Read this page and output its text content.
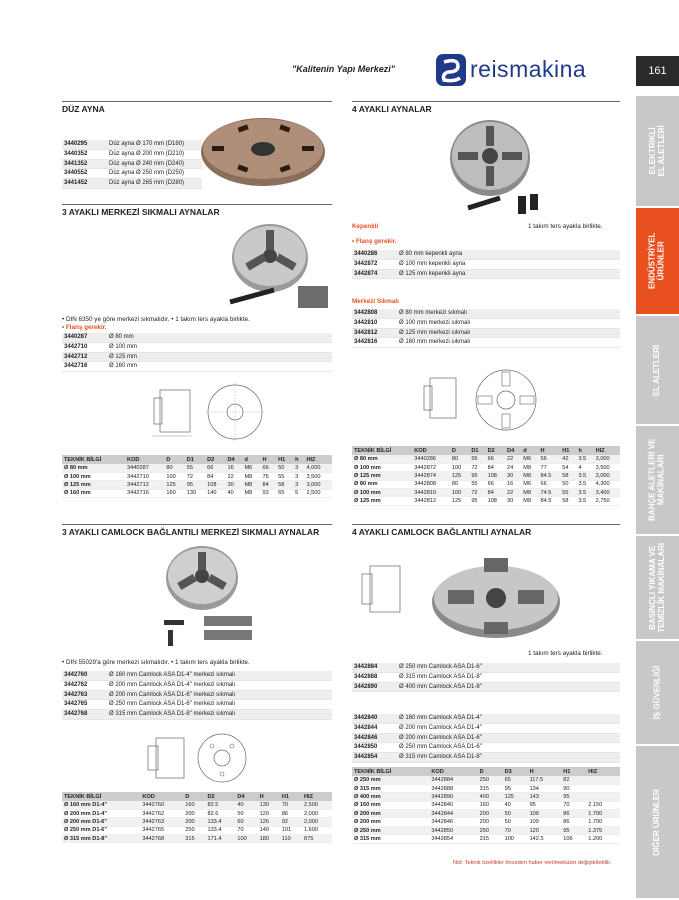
"Kalitenin Yapı Merkezi"	reismakina	161
ELEKTRİKLİ
EL ALETLERİ
ENDÜSTRİYEL
ÜRÜNLER
EL ALETLERİ
BAHÇE ALETLERİ VE
MAKİNALARI
BASINÇLI YIKAMA VE
TEMİZLİK MAKİNALARI
İŞ GÜVENLİĞİ
DİĞER ÜRÜNLER
DÜZ AYNA
3440295	Düz ayna Ø 170 mm (D180)
3440352	Düz ayna Ø 200 mm (D210)
3441352	Düz ayna Ø 240 mm (D240)
3440552	Düz ayna Ø 250 mm (D250)
3441452	Düz ayna Ø 265 mm (D280)
3 AYAKLI MERKEZİ SIKMALI AYNALAR
• DIN 6350 ye göre merkezi sıkmalıdır. • 1 takım ters ayakla birlikte.
• Flanş gerekir.
3440287	Ø 80 mm
3442710	Ø 100 mm
3442712	Ø 125 mm
3442716	Ø 160 mm
TEKNİK BİLGİ	KOD	D	D1	D2	D4	d	H	H1	h	HIZ
Ø 80 mm	3440287	80	55	66	16	M6	66	50	3	4,000
Ø 100 mm	3442710	100	72	84	22	M8	75	55	3	3,500
Ø 125 mm	3442712	125	95	108	30	M8	84	58	3	3,000
Ø 160 mm	3442716	160	130	140	40	M8	93	65	5	2,500
3 AYAKLI CAMLOCK BAĞLANTILI MERKEZİ SIKMALI AYNALAR
• DIN 55029'a göre merkezi sıkmalıdır. • 1 takım ters ayakla birlikte.
3442760	Ø 160 mm Camlock ASA D1-4" merkezi sıkmalı
3442762	Ø 200 mm Camlock ASA D1-4" merkezi sıkmalı
3442763	Ø 200 mm Camlock ASA D1-6" merkezi sıkmalı
3442765	Ø 250 mm Camlock ASA D1-6" merkezi sıkmalı
3442768	Ø 315 mm Camlock ASA D1-8" merkezi sıkmalı
TEKNİK BİLGİ	KOD	D	D2	D4	H	H1	HIZ
Ø 160 mm D1-4"	3442760	160	82.5	40	130	70	2,500
Ø 200 mm D1-4"	3442762	200	82.6	50	120	86	2,000
Ø 200 mm D1-6"	3442763	200	133.4	60	126	92	2,000
Ø 250 mm D1-6"	3442765	250	133.4	70	140	101	1,600
Ø 315 mm D1-8"	3442768	315	171.4	100	180	110	875
4 AYAKLI AYNALAR
Kepenkli	1 takım ters ayakla birlikte.
• Flanş gerekir.
3440286	Ø 80 mm kepenkli ayna
3442872	Ø 100 mm kepenkli ayna
3442874	Ø 125 mm kepenkli ayna
Merkezi Sıkmalı
3442808	Ø 80 mm merkezi sıkmalı
3442810	Ø 100 mm merkezi sıkmalı
3442812	Ø 125 mm merkezi sıkmalı
3442816	Ø 160 mm merkezi sıkmalı
TEKNİK BİLGİ	KOD	D	D1	D2	D4	d	H	H1	h	HIZ
Ø 80 mm	3440286	80	55	66	22	M6	56	42	3.5	3,000
Ø 100 mm	3442872	100	72	84	24	M8	77	54	4	3,500
Ø 125 mm	3442874	125	95	108	30	M8	84.5	58	3.5	3,000
Ø 80 mm	3442808	80	55	66	16	M6	66	50	3.5	4,300
Ø 100 mm	3442810	100	72	84	22	M8	74.5	55	3.5	3,400
Ø 125 mm	3442812	125	95	108	30	M8	84.5	58	3.5	2,750
4 AYAKLI CAMLOCK BAĞLANTILI AYNALAR
1 takım ters ayakla birlikte.
3442884	Ø 250 mm Camlock ASA D1-6"
3442888	Ø 315 mm Camlock ASA D1-8"
3442890	Ø 400 mm Camlock ASA D1-8"
3442840	Ø 160 mm Camlock ASA D1-4"
3442844	Ø 200 mm Camlock ASA D1-4"
3442846	Ø 200 mm Camlock ASA D1-6"
3442850	Ø 250 mm Camlock ASA D1-6"
3442854	Ø 315 mm Camlock ASA D1-8"
TEKNİK BİLGİ	KOD	D	D3	H	H1	HIZ
Ø 250 mm	3442884	250	65	117.5	82	
Ø 315 mm	3442888	315	95	134	90	
Ø 400 mm	3442890	400	125	143	95	
Ø 160 mm	3442840	160	40	95	70	2.150
Ø 200 mm	3442844	200	50	109	86	1.700
Ø 200 mm	3442846	200	50	109	86	1.700
Ø 250 mm	3442850	250	70	120	95	1.375
Ø 315 mm	3442854	315	100	142.5	106	1.200
Not: Teknik özellikler önceden haber verilmeksizin değiştirilebilir.
